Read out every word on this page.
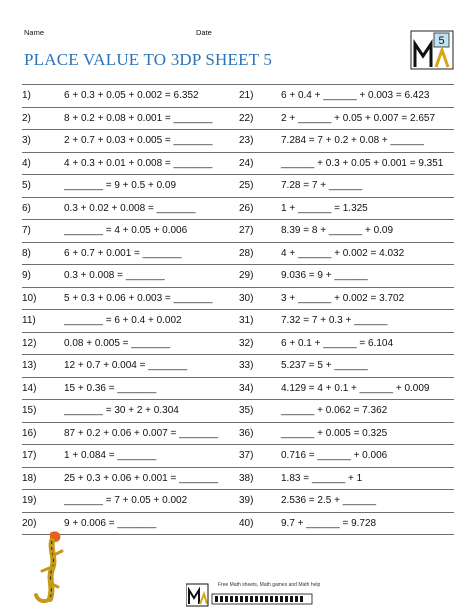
Name	Date
PLACE VALUE TO 3DP SHEET 5
5
1)	6 + 0.3 + 0.05 + 0.002 = 6.352	21)	6 + 0.4 + ______ + 0.003 = 6.423
2)	8 + 0.2 + 0.08 + 0.001 = _______	22)	2 + ______ + 0.05 + 0.007 = 2.657
3)	2 + 0.7 + 0.03 + 0.005 = _______	23)	7.284 = 7 + 0.2 + 0.08 + ______
4)	4 + 0.3 + 0.01 + 0.008 = _______	24)	______ + 0.3 + 0.05 + 0.001 = 9.351
5)	_______ = 9 + 0.5 + 0.09	25)	7.28 = 7 + ______
6)	0.3 + 0.02 + 0.008 = _______	26)	1 + ______ = 1.325
7)	_______ = 4 + 0.05 + 0.006	27)	8.39 = 8 + ______ + 0.09
8)	6 + 0.7 + 0.001 = _______	28)	4 + ______ + 0.002 = 4.032
9)	0.3 + 0.008 = _______	29)	9.036 = 9 + ______
10)	5 + 0.3 + 0.06 + 0.003 = _______	30)	3 + ______ + 0.002 = 3.702
11)	_______ = 6 + 0.4 + 0.002	31)	7.32 = 7 + 0.3 + ______
12)	0.08 + 0.005 = _______	32)	6 + 0.1 + ______ = 6.104
13)	12 + 0.7 + 0.004 = _______	33)	5.237 = 5 + ______
14)	15 + 0.36 = _______	34)	4.129 = 4 + 0.1 + ______ + 0.009
15)	_______ = 30 + 2 + 0.304	35)	______ + 0.062 = 7.362
16)	87 + 0.2 + 0.06 + 0.007 = _______ 36)	______ + 0.005 = 0.325
17)	1 + 0.084 = _______	37)	0.716 = ______ + 0.006
18)	25 + 0.3 + 0.06 + 0.001 = _______ 38)	1.83 = ______ + 1
19)	_______ = 7 + 0.05 + 0.002	39)	2.536 = 2.5 + ______
20)	9 + 0.006 = _______	40)	9.7 + ______ = 9.728
Free Math sheets, Math games and Math help
